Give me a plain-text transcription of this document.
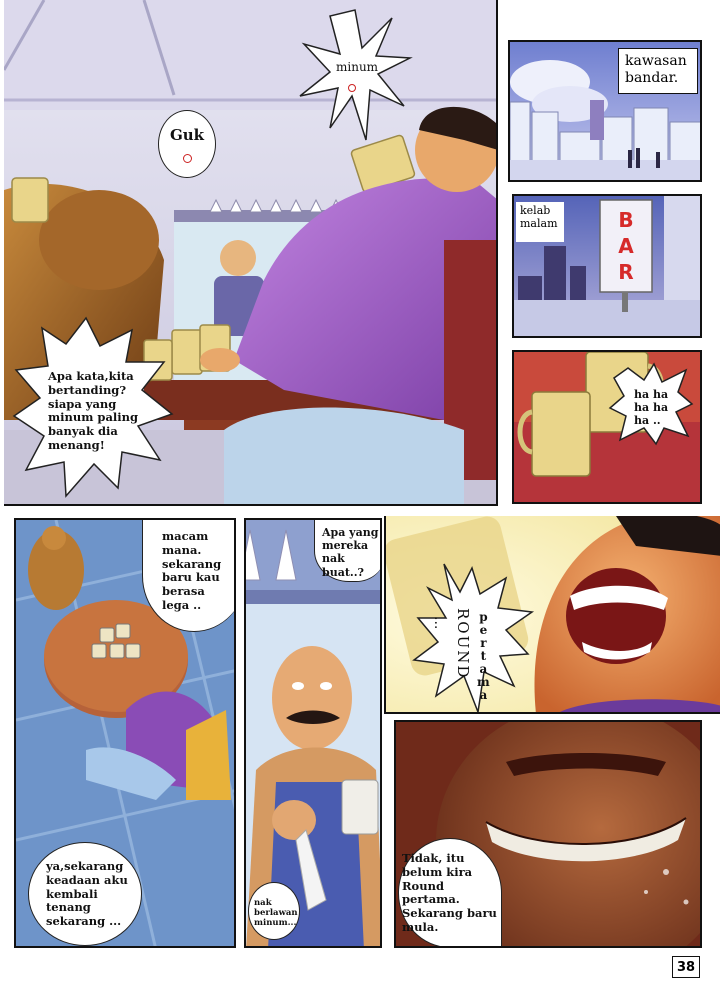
Guk
minum
Apa kata,kita
bertanding?
siapa yang
minum paling
banyak dia
menang!
kawasan
bandar.
kelab
malam	BAR
ha ha
ha ha
ha ..
macam
mana.
sekarang
baru kau
berasa lega ..
ya,sekarang
keadaan aku
kembali
tenang
sekarang ...
Apa yang
mereka
nak buat..?
nak
berlawan
minum...
... ROUND pertama
Tidak, itu
belum kira
Round
pertama.
Sekarang baru
mula.
38
